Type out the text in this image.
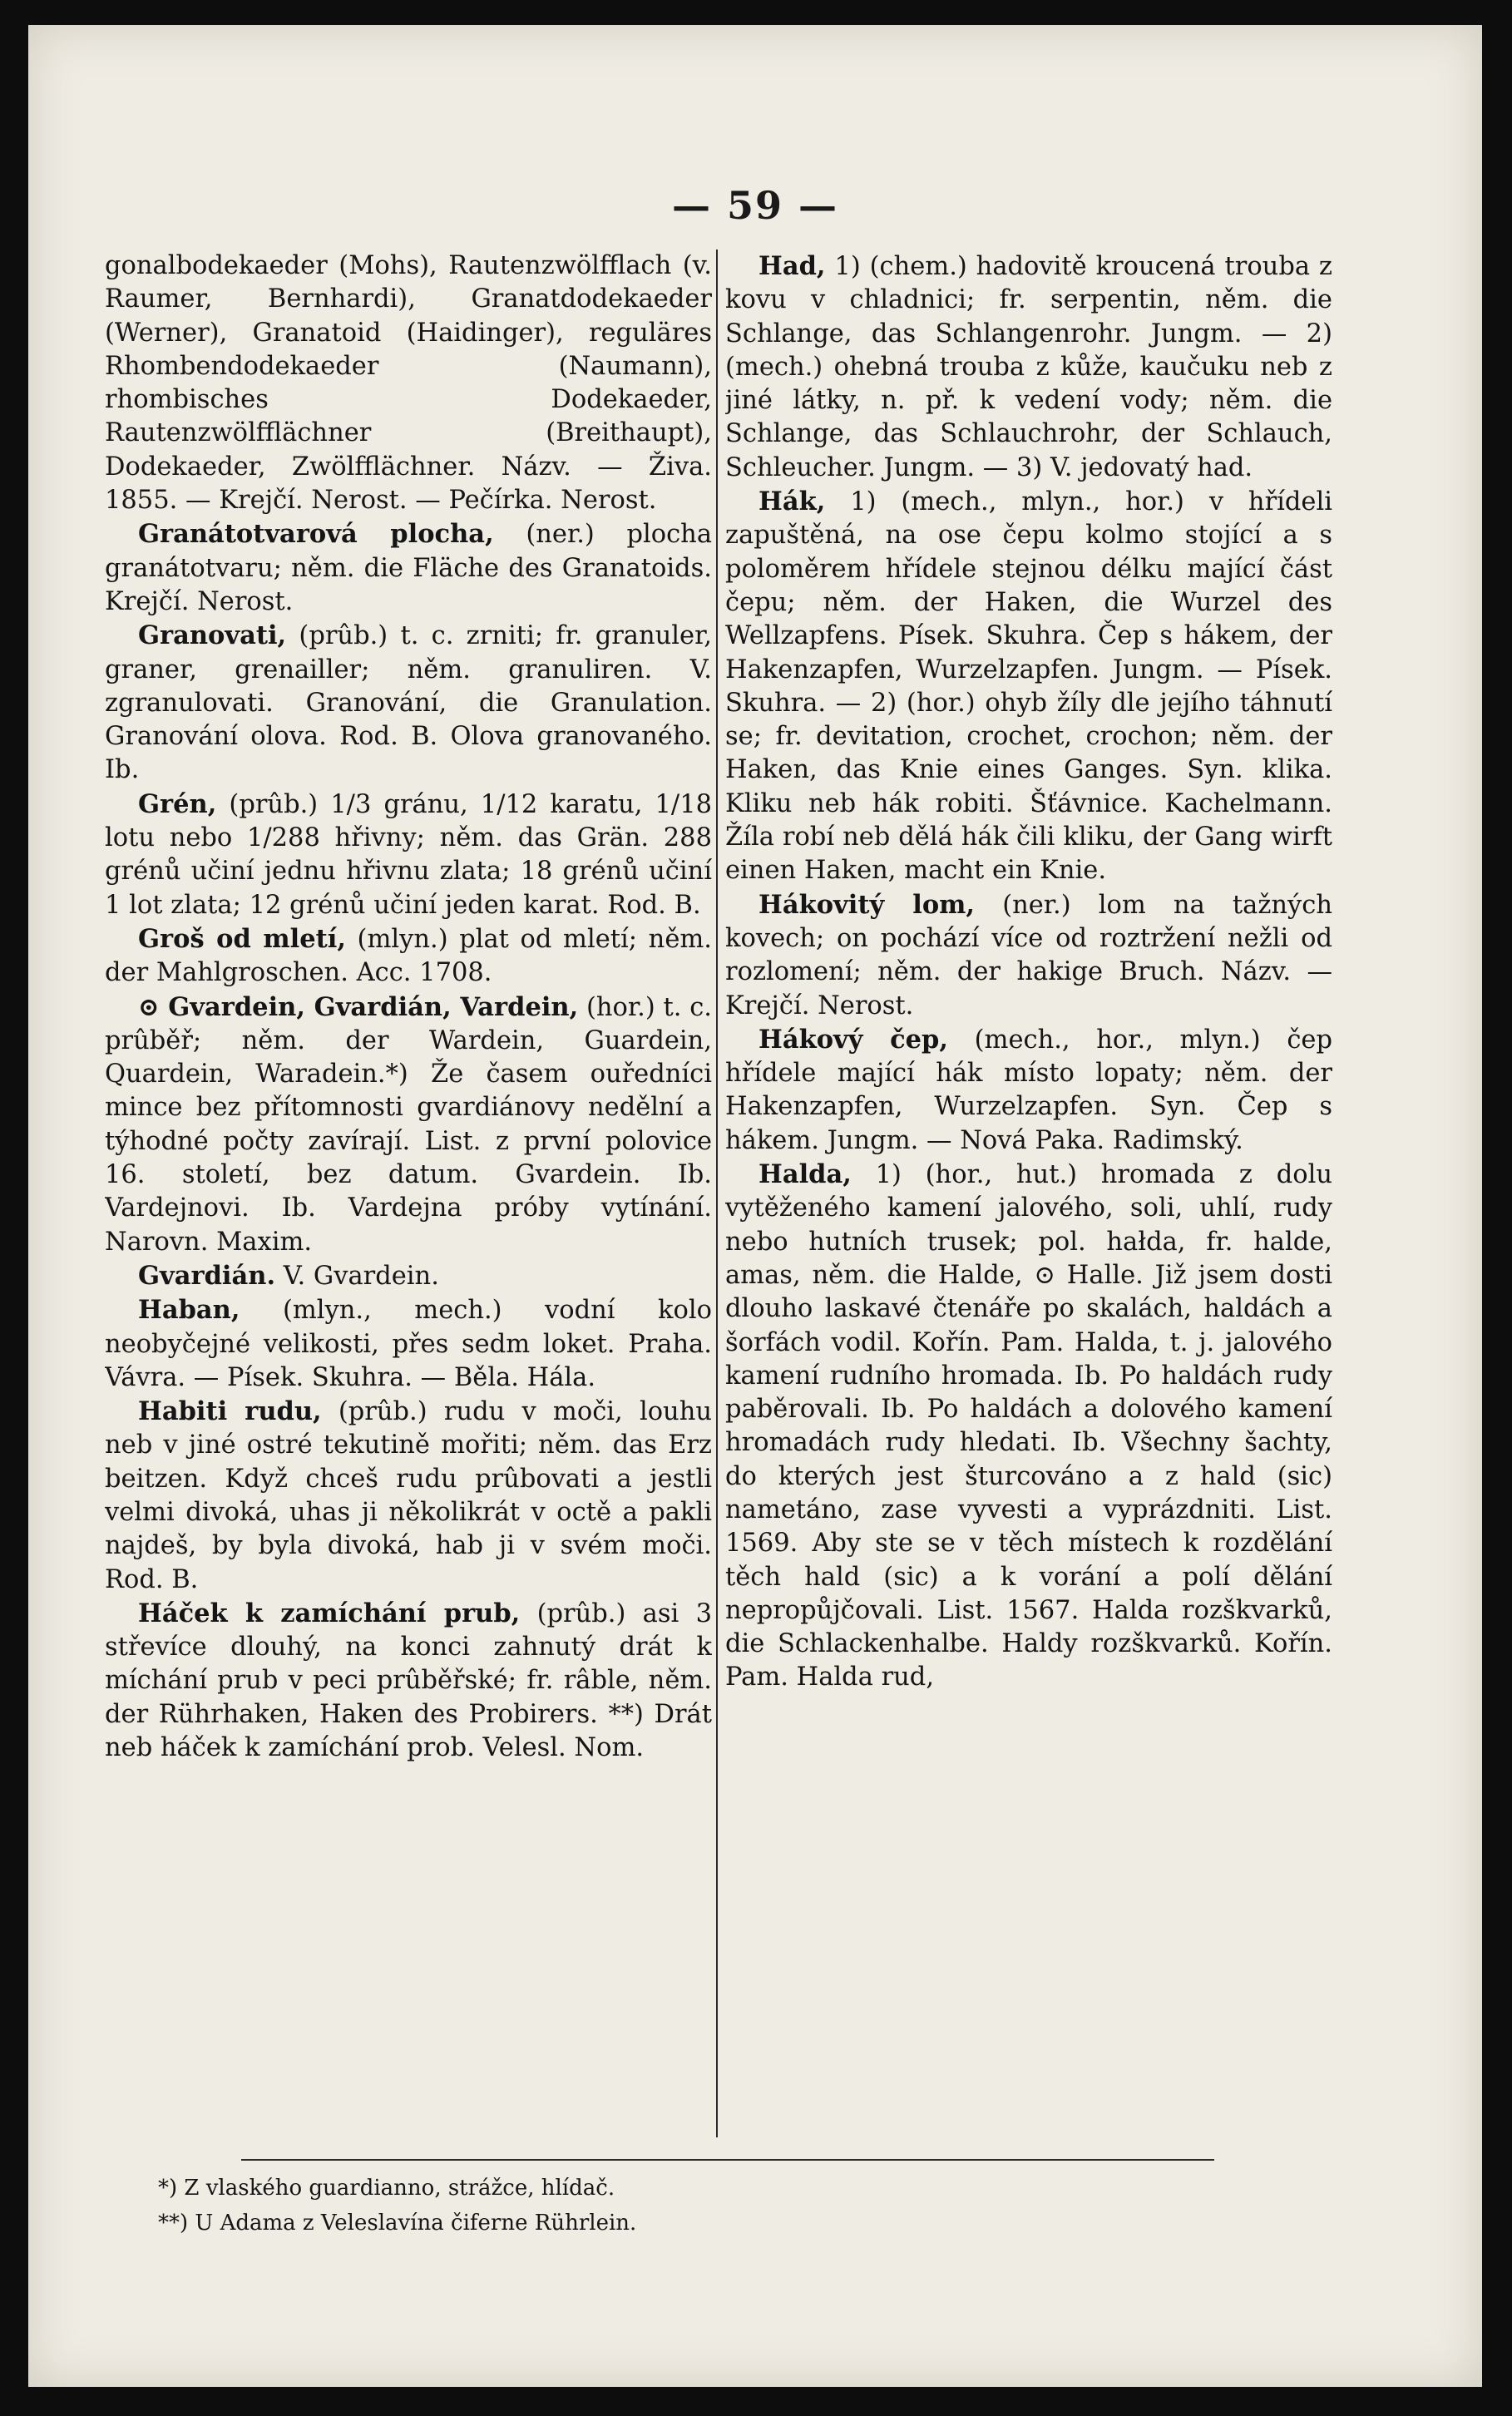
— 59 —

gonalbodekaeder (Mohs), Rautenzwölfflach (v. Raumer, Bernhardi), Granatdodekaeder (Werner), Granatoid (Haidinger), reguläres Rhombendodekaeder (Naumann), rhombisches Dodekaeder, Rautenzwölfflächner (Breithaupt), Dodekaeder, Zwölfflächner. Názv. — Živa. 1855. — Krejčí. Nerost. — Pečírka. Nerost.

Granátotvarová plocha, (ner.) plocha granátotvaru; něm. die Fläche des Granatoids. Krejčí. Nerost.

Granovati, (prûb.) t. c. zrniti; fr. granuler, graner, grenailler; něm. granuliren. V. zgranulovati. Granování, die Granulation. Granování olova. Rod. B. Olova granovaného. Ib.

Grén, (prûb.) 1/3 gránu, 1/12 karatu, 1/18 lotu nebo 1/288 hřivny; něm. das Grän. 288 grénů učiní jednu hřivnu zlata; 18 grénů učiní 1 lot zlata; 12 grénů učiní jeden karat. Rod. B.

Groš od mletí, (mlyn.) plat od mletí; něm. der Mahlgroschen. Acc. 1708.

⊙ Gvardein, Gvardián, Vardein, (hor.) t. c. prûběř; něm. der Wardein, Guardein, Quardein, Waradein.*) Že časem ouředníci mince bez přítomnosti gvardiánovy nedělní a týhodné počty zavírají. List. z první polovice 16. století, bez datum. Gvardein. Ib. Vardejnovi. Ib. Vardejna próby vytínání. Narovn. Maxim.

Gvardián. V. Gvardein.

Haban, (mlyn., mech.) vodní kolo neobyčejné velikosti, přes sedm loket. Praha. Vávra. — Písek. Skuhra. — Běla. Hála.

Habiti rudu, (prûb.) rudu v moči, louhu neb v jiné ostré tekutině mořiti; něm. das Erz beitzen. Když chceš rudu prûbovati a jestli velmi divoká, uhas ji několikrát v octě a pakli najdeš, by byla divoká, hab ji v svém moči. Rod. B.

Háček k zamíchání prub, (prûb.) asi 3 střevíce dlouhý, na konci zahnutý drát k míchání prub v peci prûběřské; fr. râble, něm. der Rührhaken, Haken des Probirers. **) Drát neb háček k zamíchání prob. Velesl. Nom.

Had, 1) (chem.) hadovitě kroucená trouba z kovu v chladnici; fr. serpentin, něm. die Schlange, das Schlangenrohr. Jungm. — 2) (mech.) ohebná trouba z kůže, kaučuku neb z jiné látky, n. př. k vedení vody; něm. die Schlange, das Schlauchrohr, der Schlauch, Schleucher. Jungm. — 3) V. jedovatý had.

Hák, 1) (mech., mlyn., hor.) v hřídeli zapuštěná, na ose čepu kolmo stojící a s poloměrem hřídele stejnou délku mající část čepu; něm. der Haken, die Wurzel des Wellzapfens. Písek. Skuhra. Čep s hákem, der Hakenzapfen, Wurzelzapfen. Jungm. — Písek. Skuhra. — 2) (hor.) ohyb žíly dle jejího táhnutí se; fr. devitation, crochet, crochon; něm. der Haken, das Knie eines Ganges. Syn. klika. Kliku neb hák robiti. Šťávnice. Kachelmann. Žíla robí neb dělá hák čili kliku, der Gang wirft einen Haken, macht ein Knie.

Hákovitý lom, (ner.) lom na tažných kovech; on pochází více od roztržení nežli od rozlomení; něm. der hakige Bruch. Názv. — Krejčí. Nerost.

Hákový čep, (mech., hor., mlyn.) čep hřídele mající hák místo lopaty; něm. der Hakenzapfen, Wurzelzapfen. Syn. Čep s hákem. Jungm. — Nová Paka. Radimský.

Halda, 1) (hor., hut.) hromada z dolu vytěženého kamení jalového, soli, uhlí, rudy nebo hutních trusek; pol. hałda, fr. halde, amas, něm. die Halde, ⊙ Halle. Již jsem dosti dlouho laskavé čtenáře po skalách, haldách a šorfách vodil. Kořín. Pam. Halda, t. j. jalového kamení rudního hromada. Ib. Po haldách rudy paběrovali. Ib. Po haldách a dolového kamení hromadách rudy hledati. Ib. Všechny šachty, do kterých jest šturcováno a z hald (sic) nametáno, zase vyvesti a vyprázdniti. List. 1569. Aby ste se v těch místech k rozdělání těch hald (sic) a k vorání a polí dělání nepropůjčovali. List. 1567. Halda rozškvarků, die Schlackenhalbe. Haldy rozškvarků. Kořín. Pam. Halda rud,

*) Z vlaského guardianno, strážce, hlídač.
**) U Adama z Veleslavína čiferne Rührlein.
